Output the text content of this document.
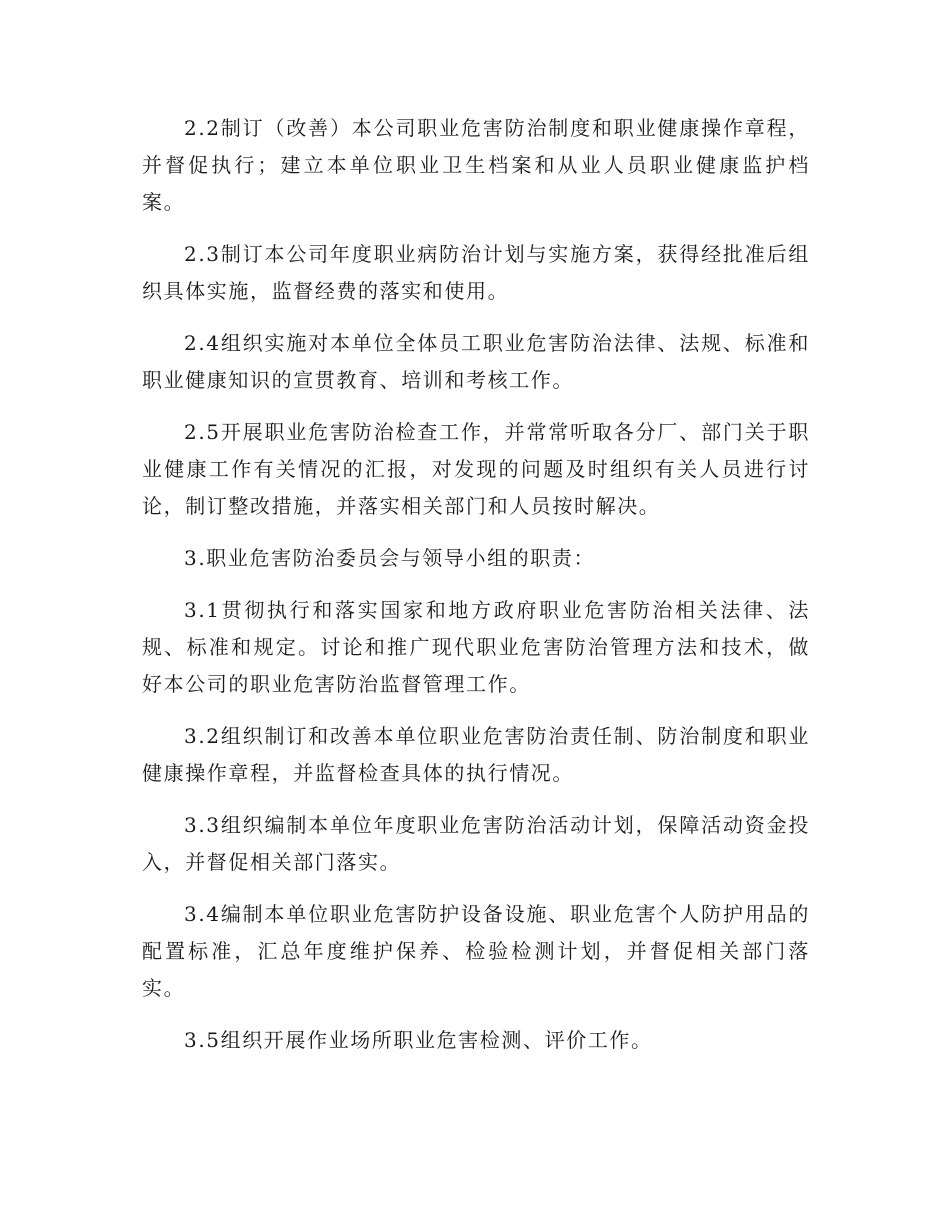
2.2制订（改善）本公司职业危害防治制度和职业健康操作章程，并督促执行；建立本单位职业卫生档案和从业人员职业健康监护档案。

2.3制订本公司年度职业病防治计划与实施方案，获得经批准后组织具体实施，监督经费的落实和使用。

2.4组织实施对本单位全体员工职业危害防治法律、法规、标准和职业健康知识的宣贯教育、培训和考核工作。

2.5开展职业危害防治检查工作，并常常听取各分厂、部门关于职业健康工作有关情况的汇报，对发现的问题及时组织有关人员进行讨论，制订整改措施，并落实相关部门和人员按时解决。

3.职业危害防治委员会与领导小组的职责：

3.1贯彻执行和落实国家和地方政府职业危害防治相关法律、法规、标准和规定。讨论和推广现代职业危害防治管理方法和技术，做好本公司的职业危害防治监督管理工作。

3.2组织制订和改善本单位职业危害防治责任制、防治制度和职业健康操作章程，并监督检查具体的执行情况。

3.3组织编制本单位年度职业危害防治活动计划，保障活动资金投入，并督促相关部门落实。

3.4编制本单位职业危害防护设备设施、职业危害个人防护用品的配置标准，汇总年度维护保养、检验检测计划，并督促相关部门落实。

3.5组织开展作业场所职业危害检测、评价工作。
